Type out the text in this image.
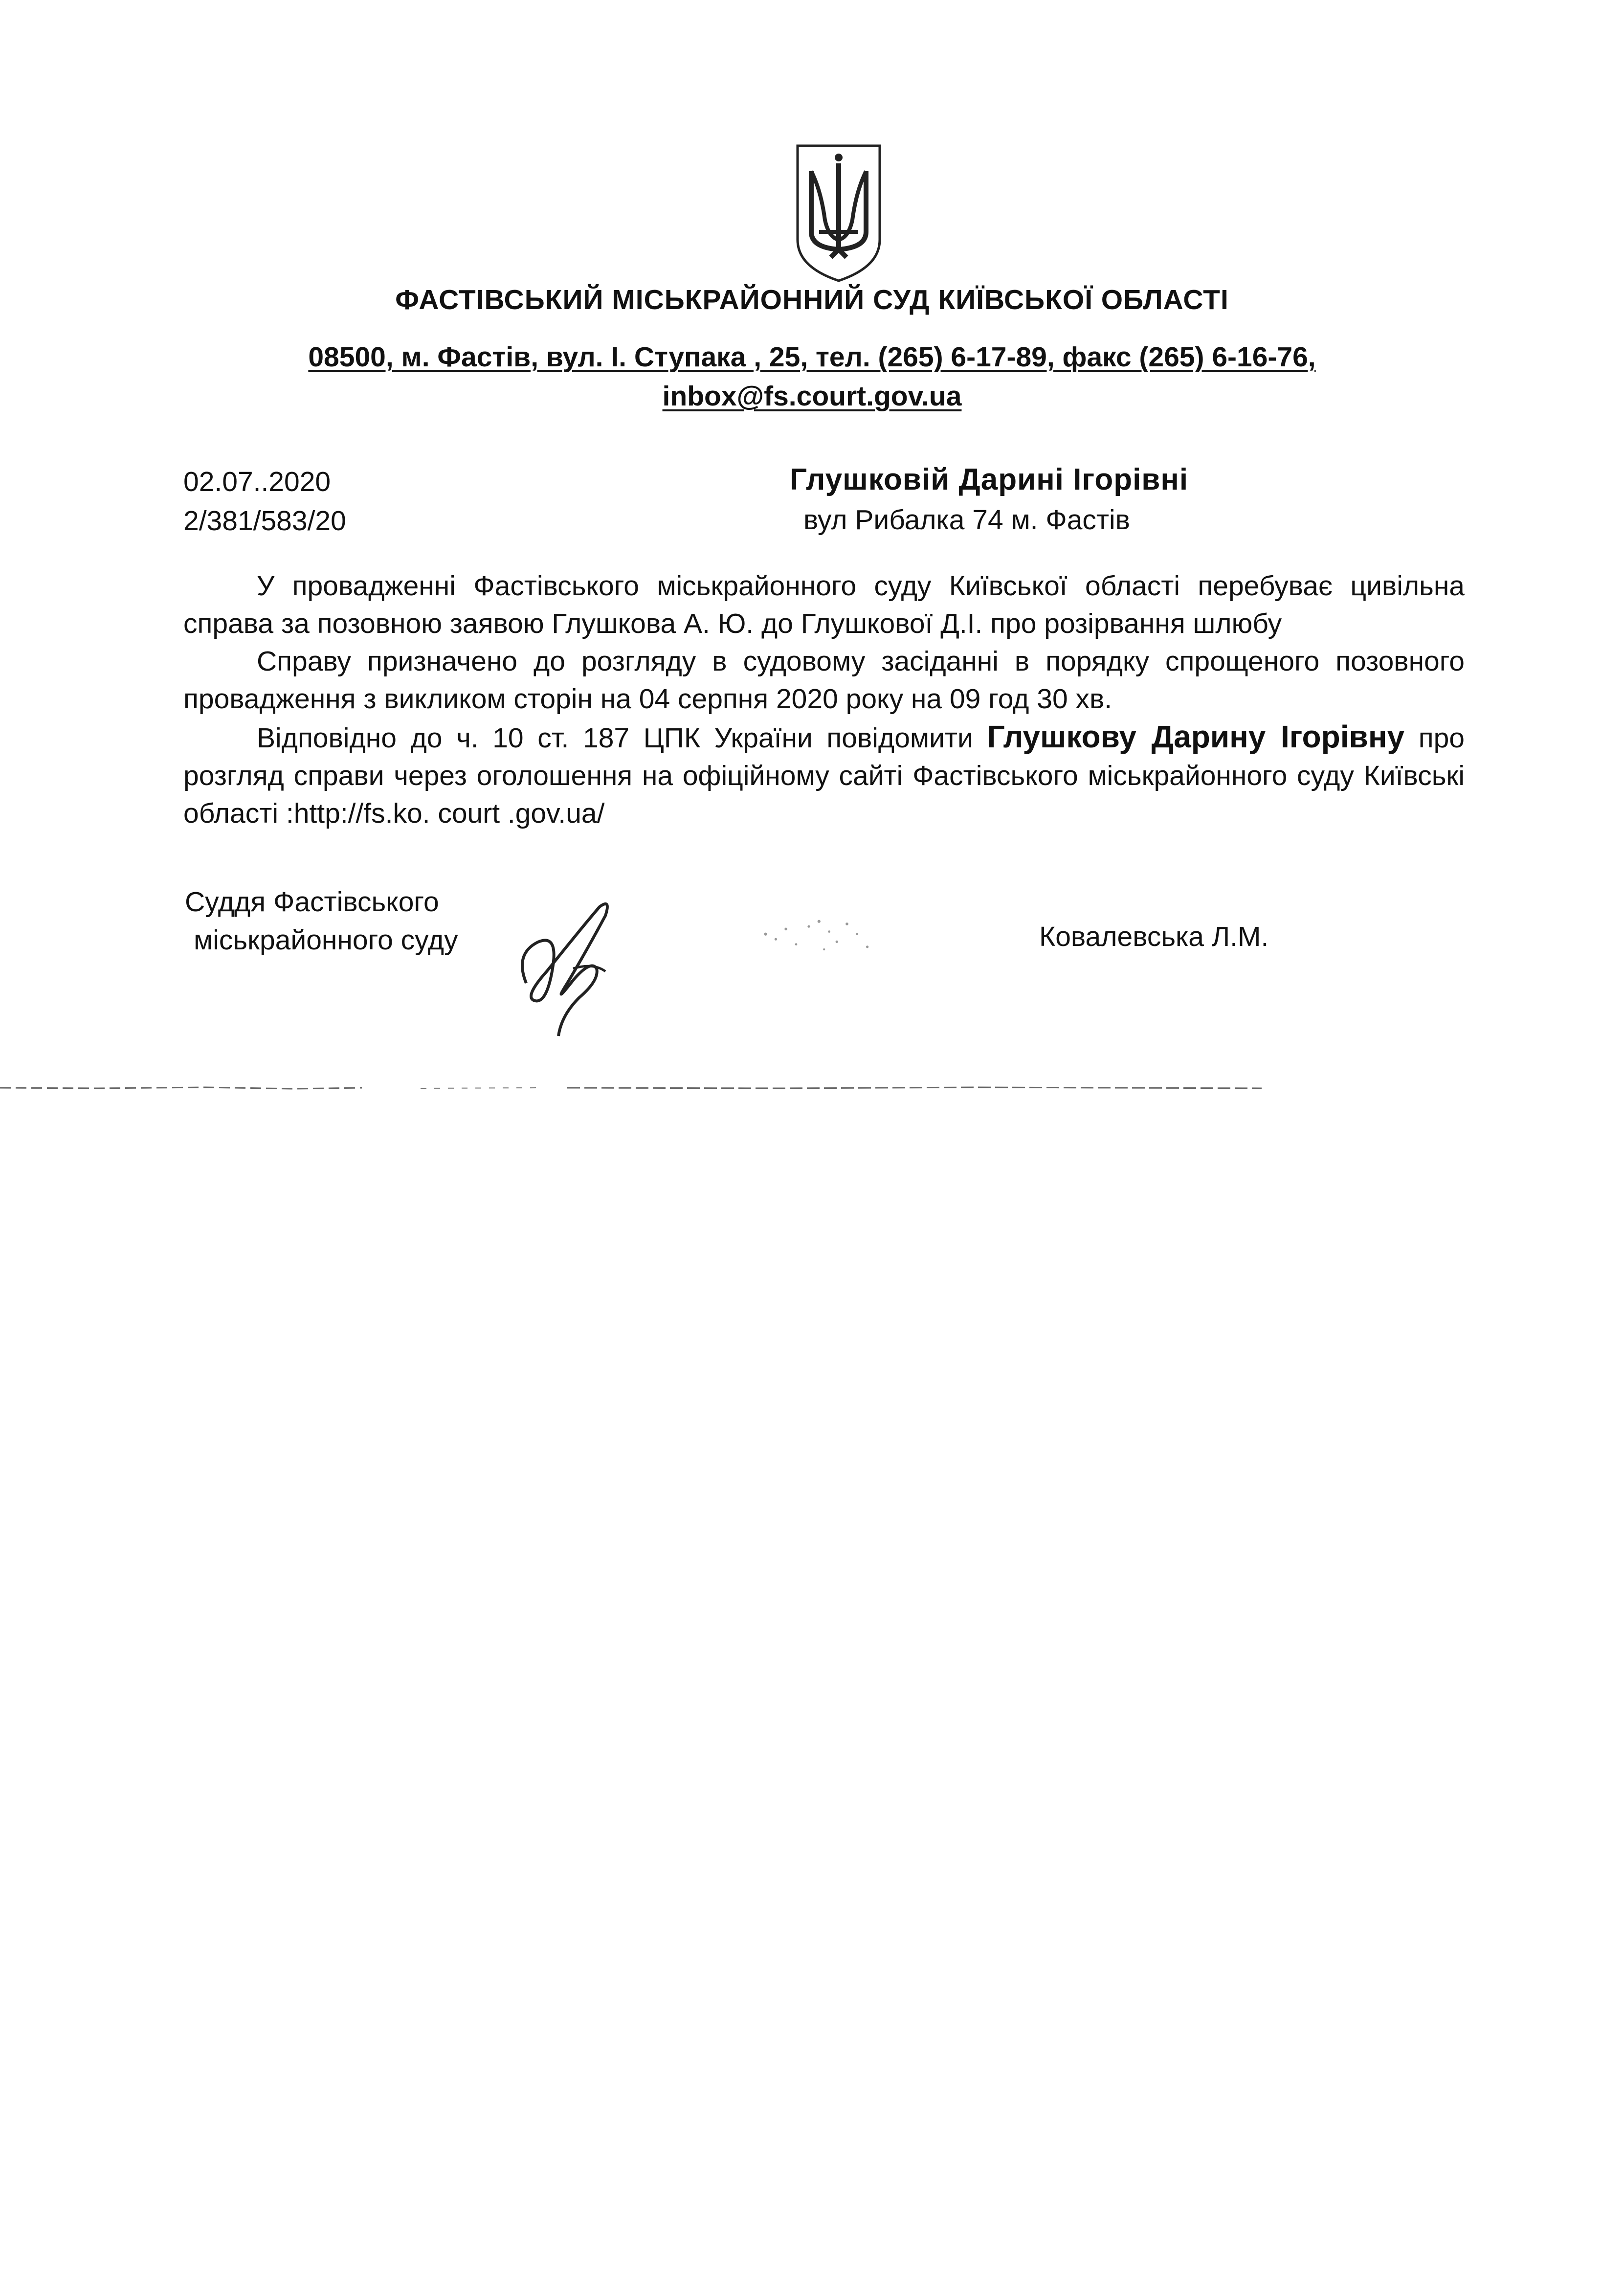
ФАСТІВСЬКИЙ МІСЬКРАЙОННИЙ СУД КИЇВСЬКОЇ ОБЛАСТІ
08500, м. Фастів, вул. І. Ступака , 25, тел. (265) 6-17-89, факс (265) 6-16-76,
inbox@fs.court.gov.ua
02.07..2020
2/381/583/20
Глушковій Дарині Ігорівні
вул Рибалка 74 м. Фастів

У провадженні Фастівського міськрайонного суду Київської області перебуває цивільна справа за позовною заявою Глушкова А. Ю. до Глушкової Д.І. про розірвання шлюбу

Справу призначено до розгляду в судовому засіданні в порядку спрощеного позовного провадження з викликом сторін на 04 серпня 2020 року на 09 год 30 хв.

Відповідно до ч. 10 ст. 187 ЦПК України повідомити Глушкову Дарину Ігорівну про розгляд справи через оголошення на офіційному сайті Фастівського міськрайонного суду Київські області :http://fs.ko. court .gov.ua/

Суддя Фастівського
міськрайонного суду	Ковалевська Л.М.
